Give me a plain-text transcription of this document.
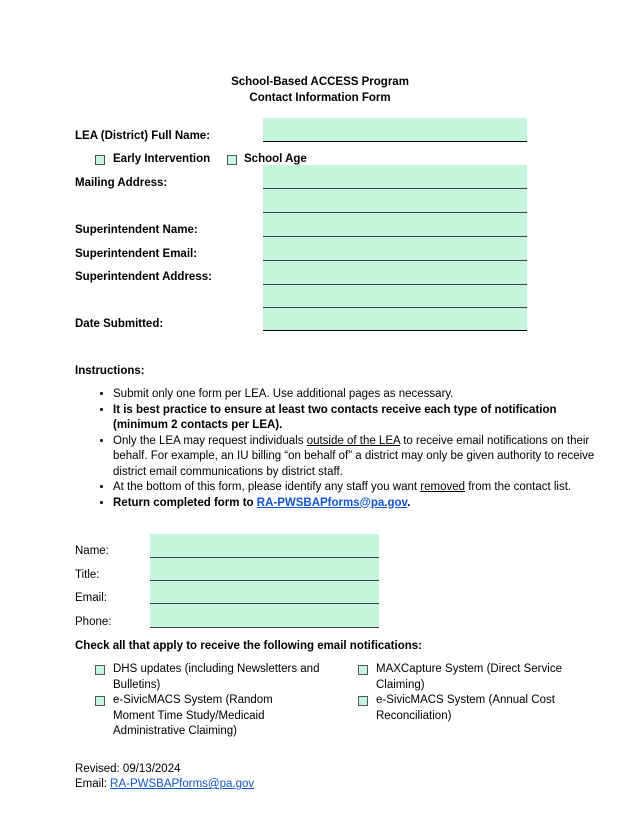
School-Based ACCESS Program
Contact Information Form
LEA (District) Full Name:
Early Intervention	School Age
Mailing Address:
Superintendent Name:
Superintendent Email:
Superintendent Address:
Date Submitted:
Instructions:
• Submit only one form per LEA. Use additional pages as necessary.
• It is best practice to ensure at least two contacts receive each type of notification (minimum 2 contacts per LEA).
• Only the LEA may request individuals outside of the LEA to receive email notifications on their behalf. For example, an IU billing “on behalf of” a district may only be given authority to receive district email communications by district staff.
• At the bottom of this form, please identify any staff you want removed from the contact list.
• Return completed form to RA-PWSBAPforms@pa.gov.
Name:
Title:
Email:
Phone:
Check all that apply to receive the following email notifications:
DHS updates (including Newsletters and Bulletins)
MAXCapture System (Direct Service Claiming)
e-SivicMACS System (Random Moment Time Study/Medicaid Administrative Claiming)
e-SivicMACS System (Annual Cost Reconciliation)
Revised: 09/13/2024
Email: RA-PWSBAPforms@pa.gov
